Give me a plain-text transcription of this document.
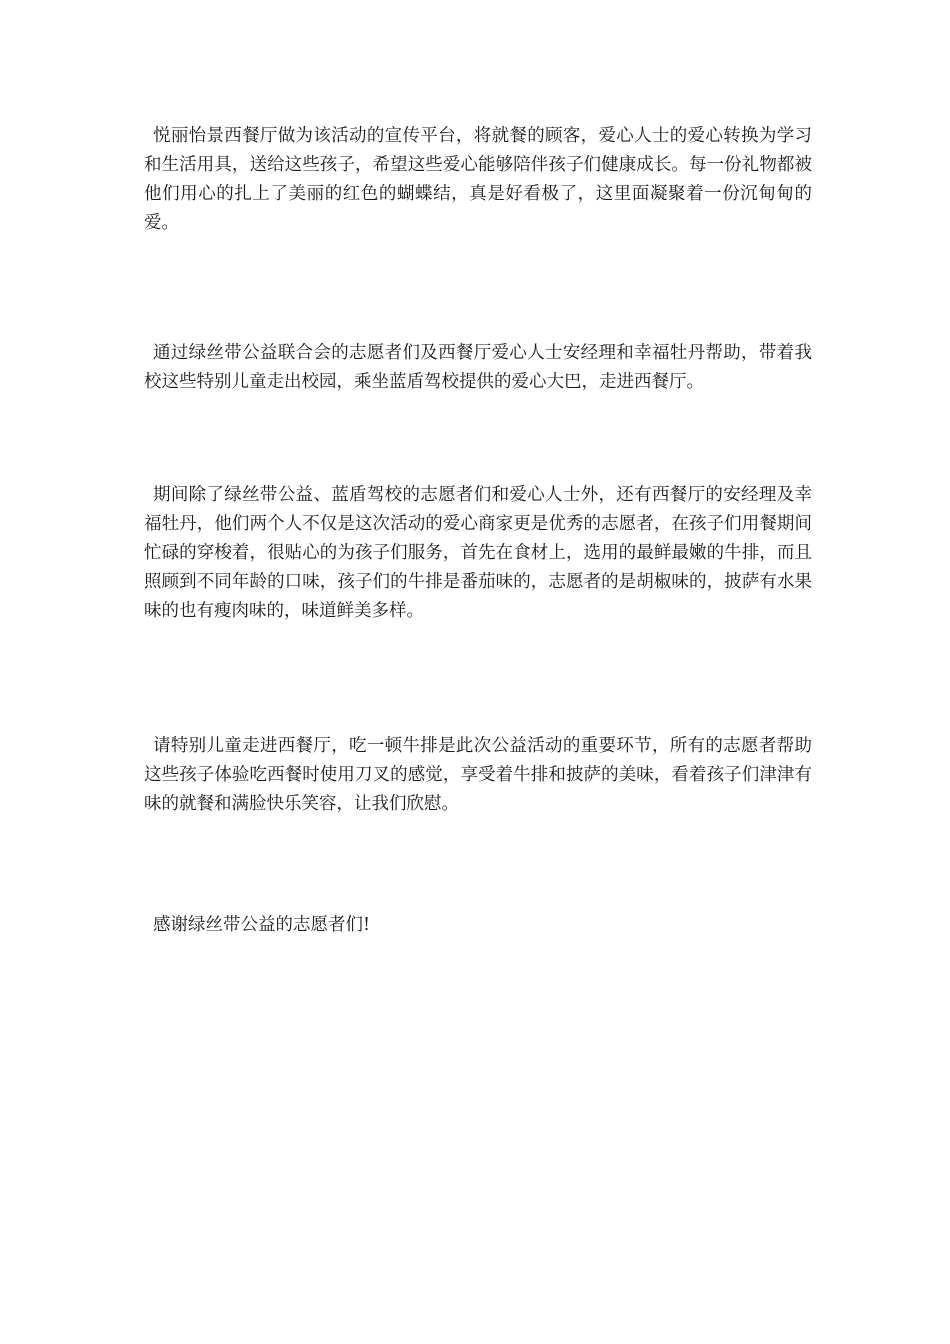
悦丽怡景西餐厅做为该活动的宣传平台，将就餐的顾客，爱心人士的爱心转换为学习和生活用具，送给这些孩子，希望这些爱心能够陪伴孩子们健康成长。每一份礼物都被他们用心的扎上了美丽的红色的蝴蝶结，真是好看极了，这里面凝聚着一份沉甸甸的爱。

通过绿丝带公益联合会的志愿者们及西餐厅爱心人士安经理和幸福牡丹帮助，带着我校这些特别儿童走出校园，乘坐蓝盾驾校提供的爱心大巴，走进西餐厅。

期间除了绿丝带公益、蓝盾驾校的志愿者们和爱心人士外，还有西餐厅的安经理及幸福牡丹，他们两个人不仅是这次活动的爱心商家更是优秀的志愿者，在孩子们用餐期间忙碌的穿梭着，很贴心的为孩子们服务，首先在食材上，选用的最鲜最嫩的牛排，而且照顾到不同年龄的口味，孩子们的牛排是番茄味的，志愿者的是胡椒味的，披萨有水果味的也有瘦肉味的，味道鲜美多样。

请特别儿童走进西餐厅，吃一顿牛排是此次公益活动的重要环节，所有的志愿者帮助这些孩子体验吃西餐时使用刀叉的感觉，享受着牛排和披萨的美味，看着孩子们津津有味的就餐和满脸快乐笑容，让我们欣慰。

感谢绿丝带公益的志愿者们!
